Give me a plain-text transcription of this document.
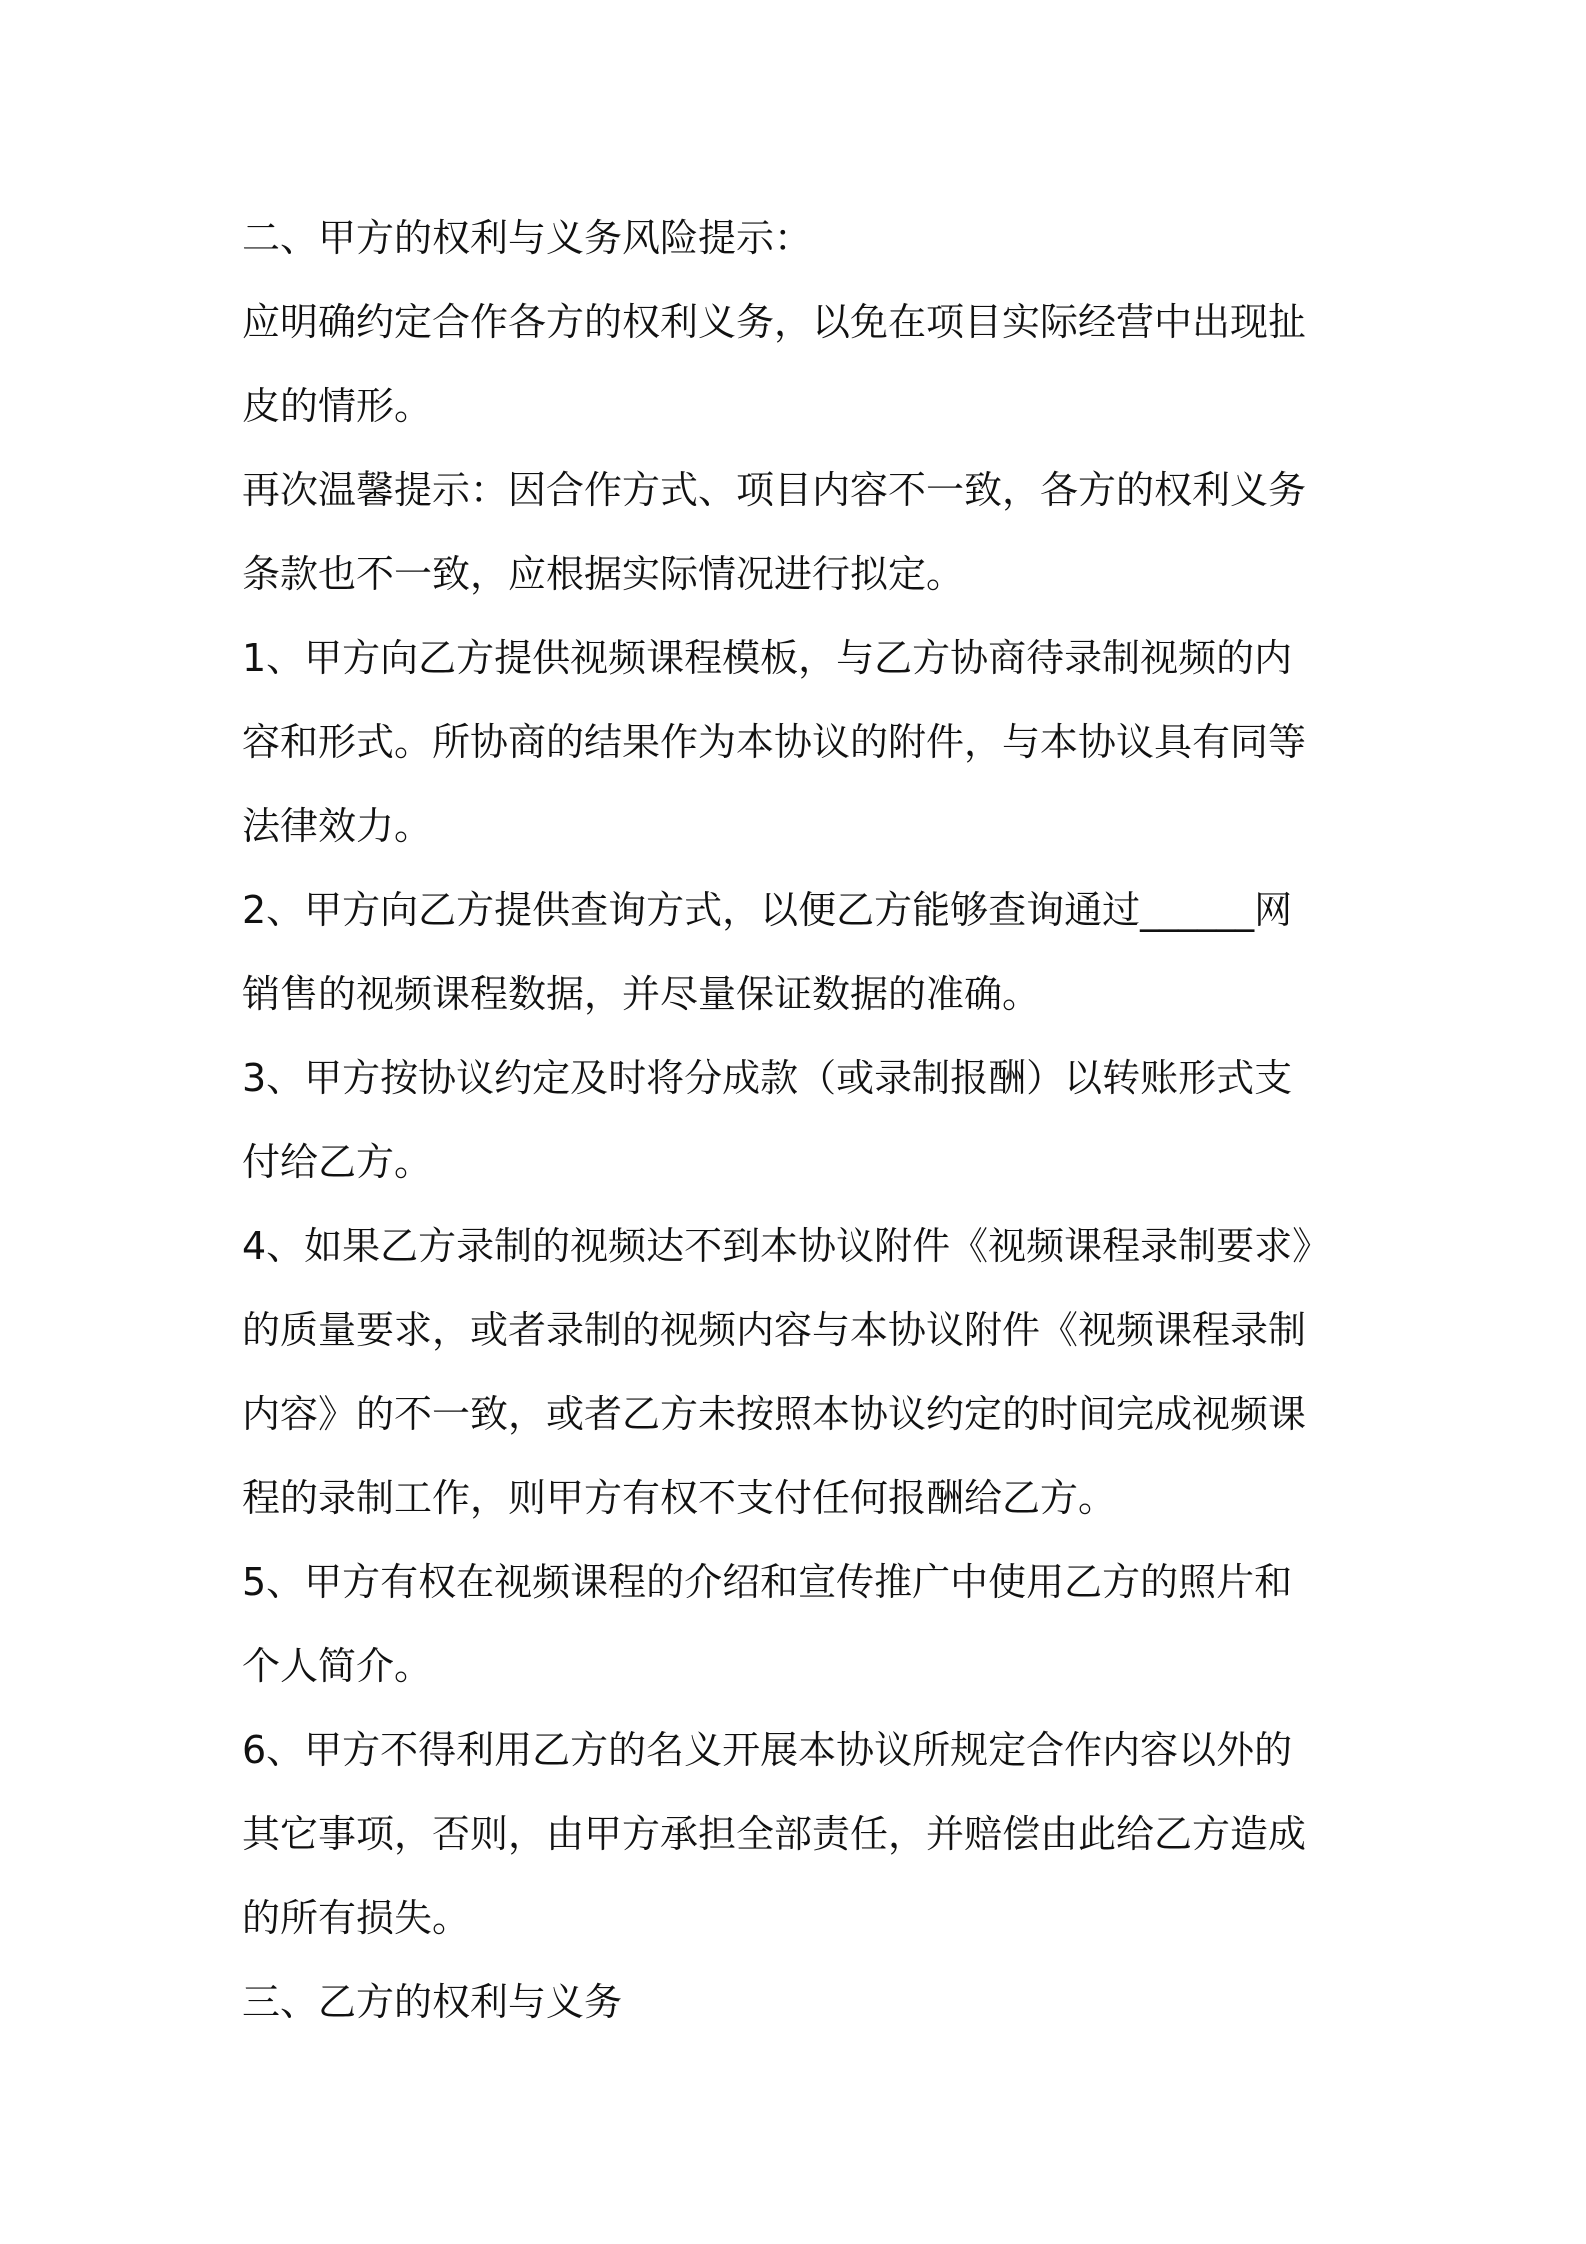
二、甲方的权利与义务风险提示：
应明确约定合作各方的权利义务，以免在项目实际经营中出现扯
皮的情形。
再次温馨提示：因合作方式、项目内容不一致，各方的权利义务
条款也不一致，应根据实际情况进行拟定。
1、甲方向乙方提供视频课程模板，与乙方协商待录制视频的内
容和形式。所协商的结果作为本协议的附件，与本协议具有同等
法律效力。
2、甲方向乙方提供查询方式，以便乙方能够查询通过______网
销售的视频课程数据，并尽量保证数据的准确。
3、甲方按协议约定及时将分成款（或录制报酬）以转账形式支
付给乙方。
4、如果乙方录制的视频达不到本协议附件《视频课程录制要求》
的质量要求，或者录制的视频内容与本协议附件《视频课程录制
内容》的不一致，或者乙方未按照本协议约定的时间完成视频课
程的录制工作，则甲方有权不支付任何报酬给乙方。
5、甲方有权在视频课程的介绍和宣传推广中使用乙方的照片和
个人简介。
6、甲方不得利用乙方的名义开展本协议所规定合作内容以外的
其它事项，否则，由甲方承担全部责任，并赔偿由此给乙方造成
的所有损失。
三、乙方的权利与义务
